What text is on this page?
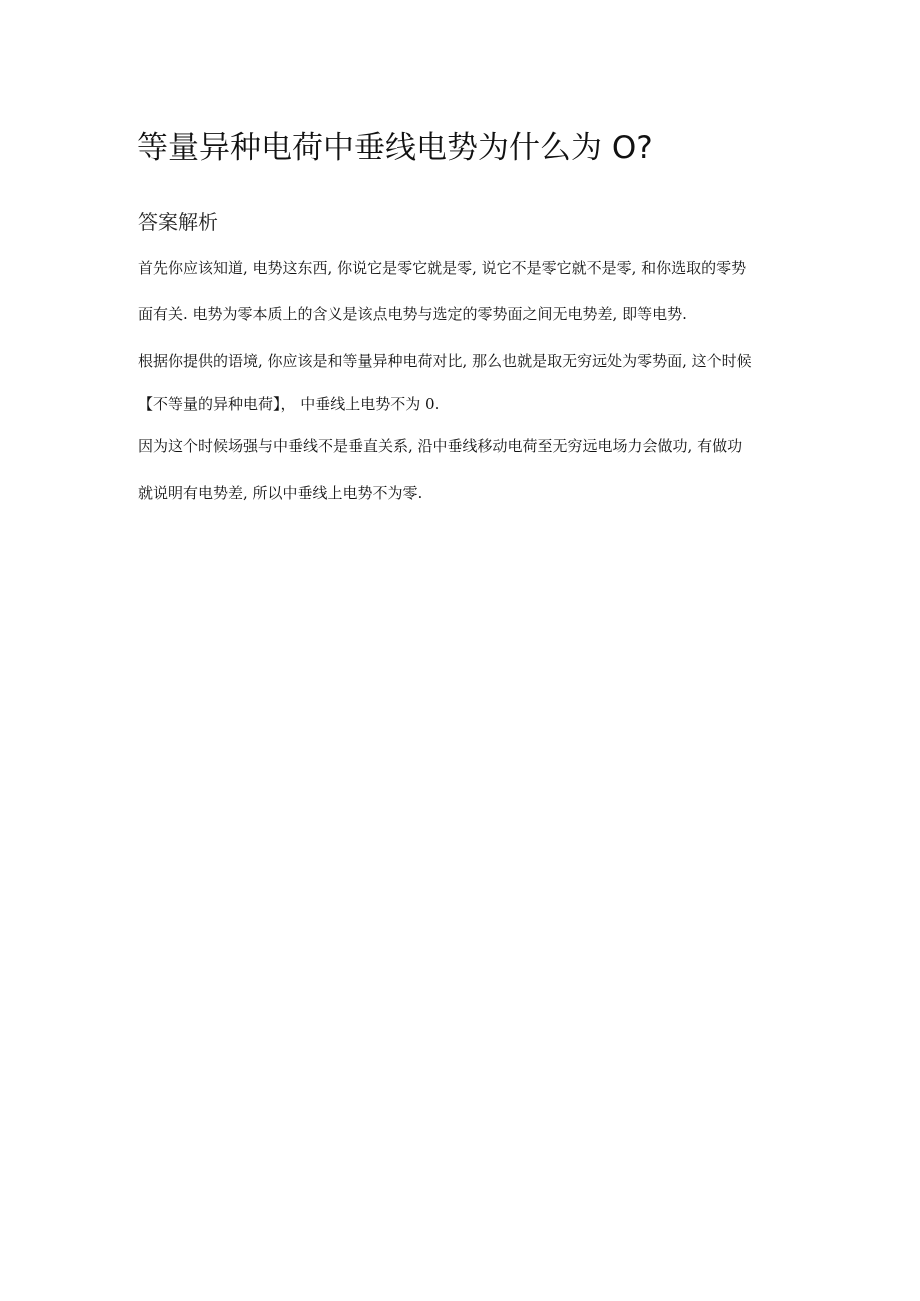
等量异种电荷中垂线电势为什么为 O?
答案解析

首先你应该知道, 电势这东西, 你说它是零它就是零, 说它不是零它就不是零, 和你选取的零势

面有关. 电势为零本质上的含义是该点电势与选定的零势面之间无电势差, 即等电势.

根据你提供的语境, 你应该是和等量异种电荷对比, 那么也就是取无穷远处为零势面, 这个时候

【不等量的异种电荷】， 中垂线上电势不为 0.

因为这个时候场强与中垂线不是垂直关系, 沿中垂线移动电荷至无穷远电场力会做功, 有做功

就说明有电势差, 所以中垂线上电势不为零.
